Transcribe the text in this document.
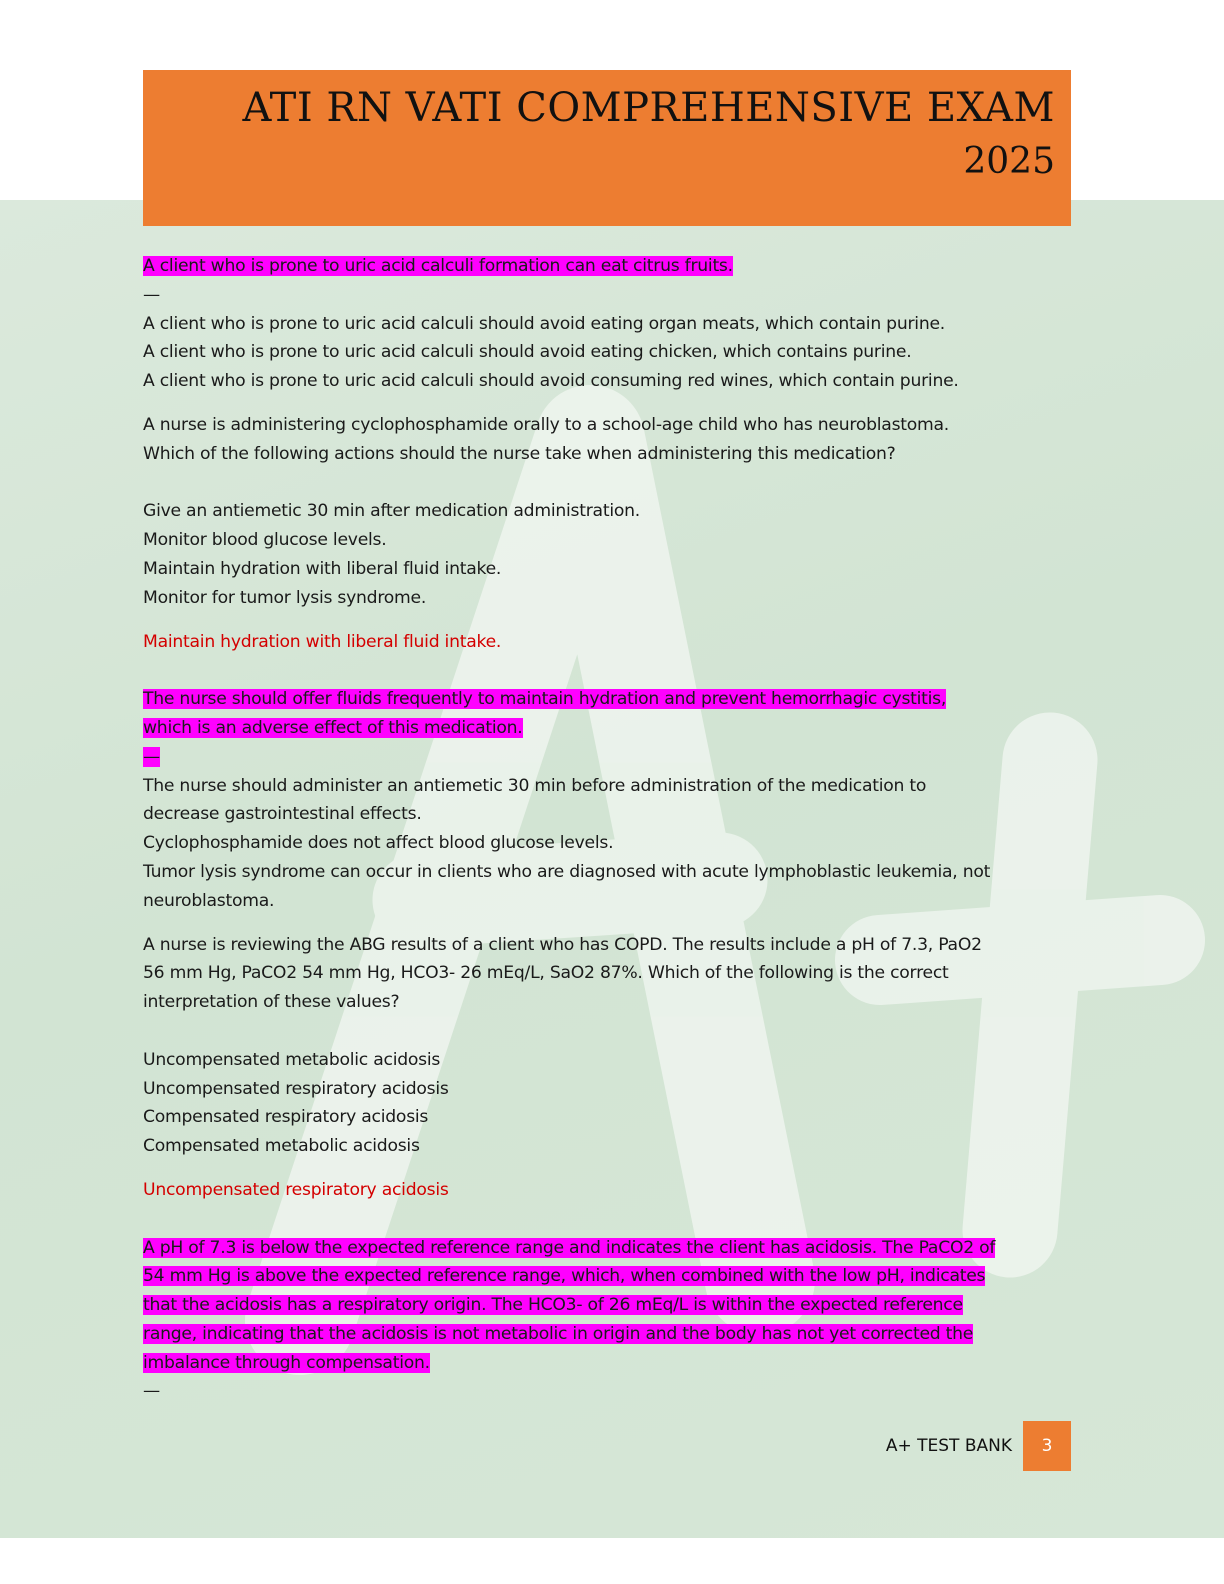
ATI RN VATI COMPREHENSIVE EXAM
2025
A client who is prone to uric acid calculi formation can eat citrus fruits.
—
A client who is prone to uric acid calculi should avoid eating organ meats, which contain purine.
A client who is prone to uric acid calculi should avoid eating chicken, which contains purine.
A client who is prone to uric acid calculi should avoid consuming red wines, which contain purine.
A nurse is administering cyclophosphamide orally to a school-age child who has neuroblastoma.
Which of the following actions should the nurse take when administering this medication?
Give an antiemetic 30 min after medication administration.
Monitor blood glucose levels.
Maintain hydration with liberal fluid intake.
Monitor for tumor lysis syndrome.
Maintain hydration with liberal fluid intake.
The nurse should offer fluids frequently to maintain hydration and prevent hemorrhagic cystitis,
which is an adverse effect of this medication.
—
The nurse should administer an antiemetic 30 min before administration of the medication to
decrease gastrointestinal effects.
Cyclophosphamide does not affect blood glucose levels.
Tumor lysis syndrome can occur in clients who are diagnosed with acute lymphoblastic leukemia, not
neuroblastoma.
A nurse is reviewing the ABG results of a client who has COPD. The results include a pH of 7.3, PaO2
56 mm Hg, PaCO2 54 mm Hg, HCO3- 26 mEq/L, SaO2 87%. Which of the following is the correct
interpretation of these values?
Uncompensated metabolic acidosis
Uncompensated respiratory acidosis
Compensated respiratory acidosis
Compensated metabolic acidosis
Uncompensated respiratory acidosis
A pH of 7.3 is below the expected reference range and indicates the client has acidosis. The PaCO2 of
54 mm Hg is above the expected reference range, which, when combined with the low pH, indicates
that the acidosis has a respiratory origin. The HCO3- of 26 mEq/L is within the expected reference
range, indicating that the acidosis is not metabolic in origin and the body has not yet corrected the
imbalance through compensation.
—
A+ TEST BANK	3
